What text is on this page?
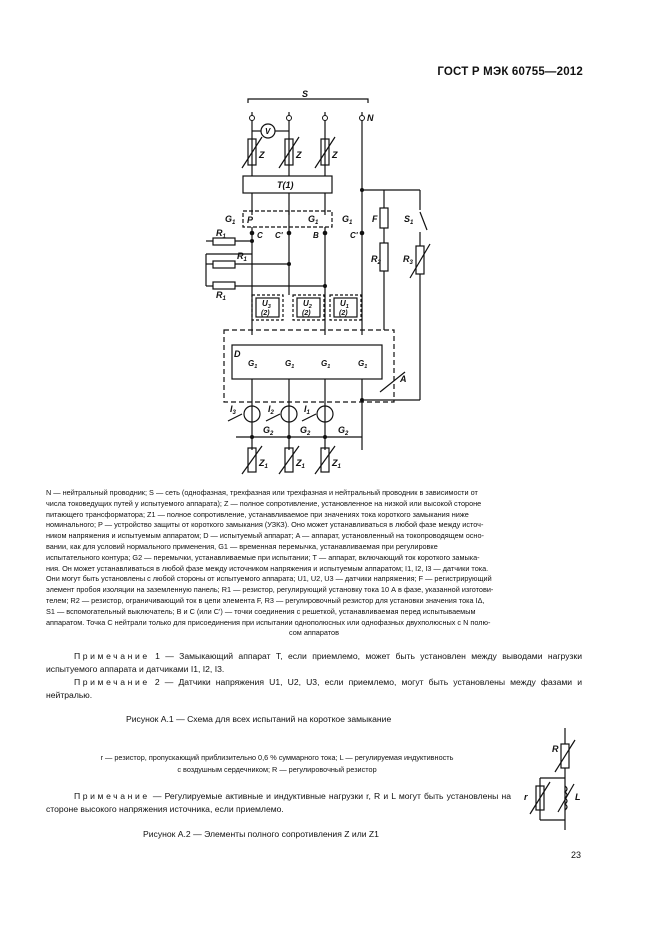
ГОСТ Р МЭК 60755—2012
S
N
V
Z	Z	Z
T(1)
$G_1$ P	$G_1$	$G_1$
C C'	B	C'
F	$S_1$
$R_2$ $R_3$
$R_1$
$R_1$
$R_1$	$U_3$
(2)
$U_2$
(2)
$U_1$
(2)
D
$G_1$	$G_1$	$G_1$	$G_1$
A
$I_3$	$I_2$	$I_1$
$G_2$	$G_2$	$G_2$
$Z_1$	$Z_1$	$Z_1$
R
r	L
N — нейтральный проводник; S — сеть (однофазная, трехфазная или трехфазная и нейтральный проводник в зависимости от
числа токоведущих путей у испытуемого аппарата); Z — полное сопротивление, установленное на низкой или высокой стороне
питающего трансформатора; Z1 — полное сопротивление, устанавливаемое при значениях тока короткого замыкания ниже
номинального; P — устройство защиты от короткого замыкания (УЗКЗ). Оно может устанавливаться в любой фазе между источ-
ником напряжения и испытуемым аппаратом; D — испытуемый аппарат; A — аппарат, установленный на токопроводящем осно-
вании, как для условий нормального применения, G1 — временная перемычка, устанавливаемая при регулировке
испытательного контура; G2 — перемычки, устанавливаемые при испытании; T — аппарат, включающий ток короткого замыка-
ния. Он может устанавливаться в любой фазе между источником напряжения и испытуемым аппаратом; I1, I2, I3 — датчики тока.
Они могут быть установлены с любой стороны от испытуемого аппарата; U1, U2, U3 — датчики напряжения; F — регистрирующий
элемент пробоя изоляции на заземленную панель; R1 — резистор, регулирующий установку тока 10 А в фазе, указанной изготови-
телем; R2 — резистор, ограничивающий ток в цепи элемента F, R3 — регулировочный резистор для установки значения тока IΔ,
S1 — вспомогательный выключатель; B и C (или C') — точки соединения с решеткой, устанавливаемая перед испытываемым
аппаратом. Точка C нейтрали только для присоединения при испытании однополюсных или однофазных двухполюсных с N полю-
сом аппаратов
Примечание 1 — Замыкающий аппарат T, если приемлемо, может быть установлен между выводами нагрузки испытуемого аппарата и датчиками I1, I2, I3.
Примечание 2 — Датчики напряжения U1, U2, U3, если приемлемо, могут быть установлены между фазами и нейтралью.
Рисунок А.1 — Схема для всех испытаний на короткое замыкание
r — резистор, пропускающий приблизительно 0,6 % суммарного тока; L — регулируемая индуктивность
с воздушным сердечником; R — регулировочный резистор
Примечание — Регулируемые активные и индуктивные нагрузки r, R и L могут быть установлены на стороне высокого напряжения источника, если приемлемо.
Рисунок А.2 — Элементы полного сопротивления Z или Z1
23
